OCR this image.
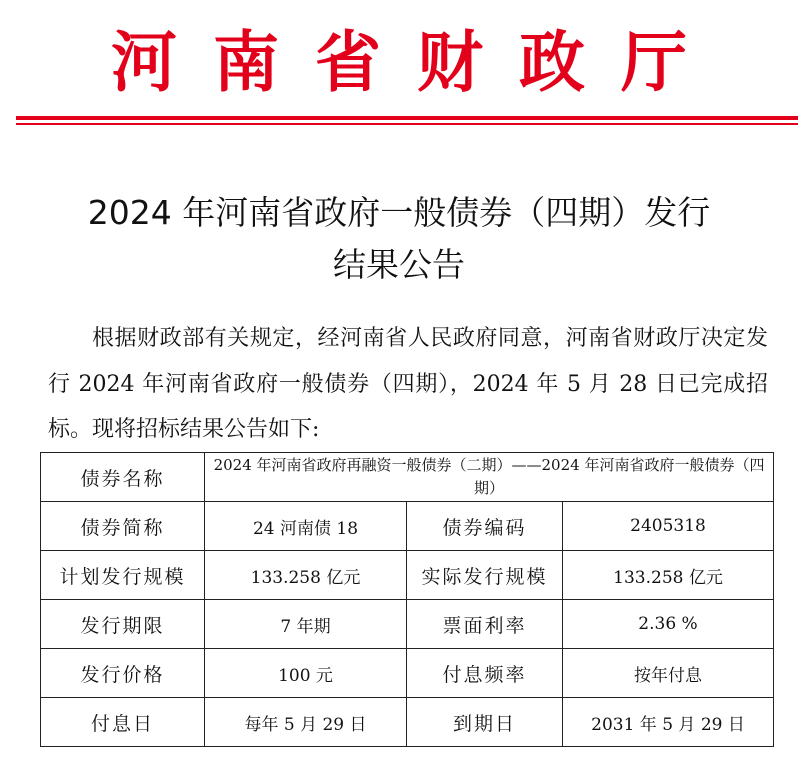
河南省财政厅
2024 年河南省政府一般债券（四期）发行
结果公告
根据财政部有关规定，经河南省人民政府同意，河南省财政厅决定发行 2024 年河南省政府一般债券（四期），2024 年 5 月 28 日已完成招标。现将招标结果公告如下:
债券名称	2024 年河南省政府再融资一般债券（二期）——2024 年河南省政府一般债券（四期）		
债券简称	24 河南债 18	债券编码	2405318
计划发行规模	133.258 亿元	实际发行规模	133.258 亿元
发行期限	7 年期	票面利率	2.36 %
发行价格	100 元	付息频率	按年付息
付息日	每年 5 月 29 日	到期日	2031 年 5 月 29 日
